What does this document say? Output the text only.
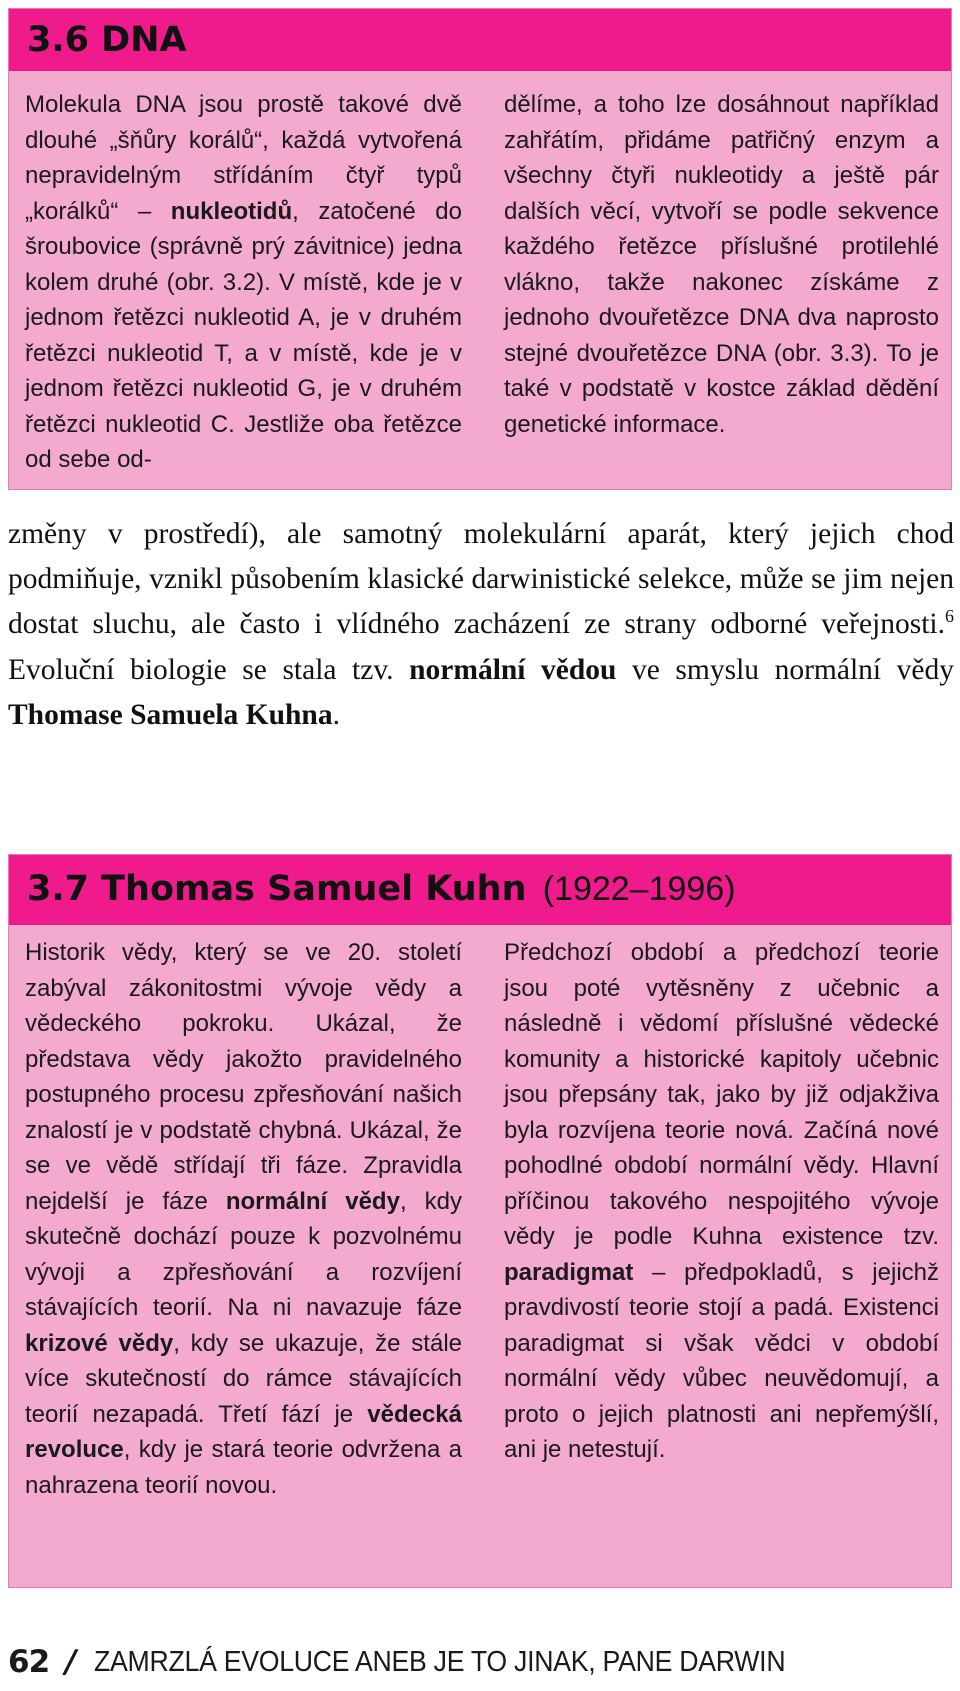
3.6 DNA
Molekula DNA jsou prostě takové dvě dlouhé „šňůry korálů“, každá vytvořená nepravidelným střídáním čtyř typů „korálků“ – nukleotidů, zatočené do šroubovice (správně prý závitnice) jedna kolem druhé (obr. 3.2). V místě, kde je v jednom řetězci nukleotid A, je v druhém řetězci nukleotid T, a v místě, kde je v jednom řetězci nukleotid G, je v druhém řetězci nukleotid C. Jestliže oba řetězce od sebe od-
dělíme, a toho lze dosáhnout například zahřátím, přidáme patřičný enzym a všechny čtyři nukleotidy a ještě pár dalších věcí, vytvoří se podle sekvence každého řetězce příslušné protilehlé vlákno, takže nakonec získáme z jednoho dvouřetězce DNA dva naprosto stejné dvouřetězce DNA (obr. 3.3). To je také v podstatě v kostce základ dědění genetické informace.
změny v prostředí), ale samotný molekulární aparát, který jejich chod podmiňuje, vznikl působením klasické darwinistické selekce, může se jim nejen dostat sluchu, ale často i vlídného zacházení ze strany odborné veřejnosti.$^6$ Evoluční biologie se stala tzv. normální vědou ve smyslu normální vědy Thomase Samuela Kuhna.
3.7 Thomas Samuel Kuhn (1922–1996)
Historik vědy, který se ve 20. století zabýval zákonitostmi vývoje vědy a vědeckého pokroku. Ukázal, že představa vědy jakožto pravidelného postupného procesu zpřesňování našich znalostí je v podstatě chybná. Ukázal, že se ve vědě střídají tři fáze. Zpravidla nejdelší je fáze normální vědy, kdy skutečně dochází pouze k pozvolnému vývoji a zpřesňování a rozvíjení stávajících teorií. Na ni navazuje fáze krizové vědy, kdy se ukazuje, že stále více skutečností do rámce stávajících teorií nezapadá. Třetí fází je vědecká revoluce, kdy je stará teorie odvržena a nahrazena teorií novou.
Předchozí období a předchozí teorie jsou poté vytěsněny z učebnic a následně i vědomí příslušné vědecké komunity a historické kapitoly učebnic jsou přepsány tak, jako by již odjakživa byla rozvíjena teorie nová. Začíná nové pohodlné období normální vědy. Hlavní příčinou takového nespojitého vývoje vědy je podle Kuhna existence tzv. paradigmat – předpokladů, s jejichž pravdivostí teorie stojí a padá. Existenci paradigmat si však vědci v období normální vědy vůbec neuvědomují, a proto o jejich platnosti ani nepřemýšlí, ani je netestují.
62 / ZAMRZLÁ EVOLUCE ANEB JE TO JINAK, PANE DARWIN
